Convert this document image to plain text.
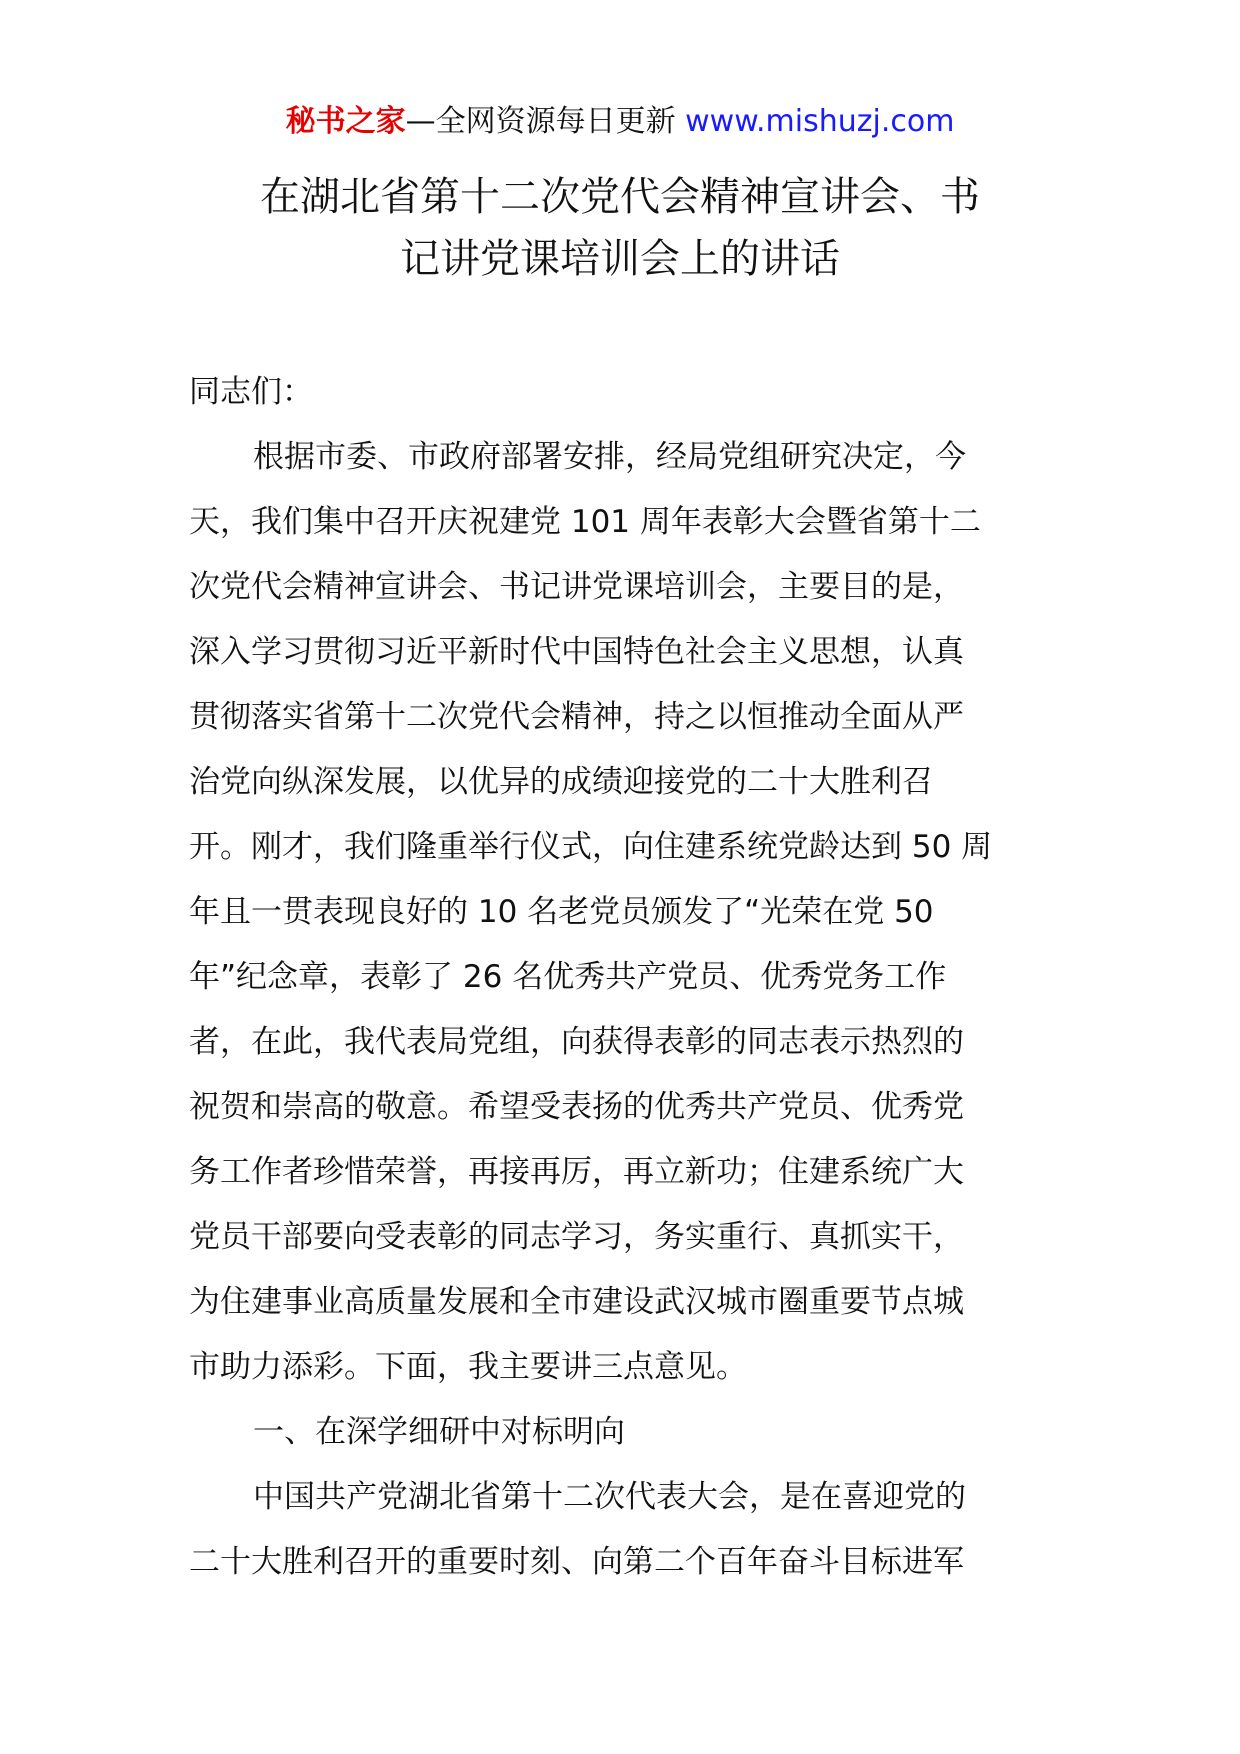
秘书之家—全网资源每日更新 www.mishuzj.com
在湖北省第十二次党代会精神宣讲会、书
记讲党课培训会上的讲话
同志们：
根据市委、市政府部署安排，经局党组研究决定，今
天，我们集中召开庆祝建党 101 周年表彰大会暨省第十二
次党代会精神宣讲会、书记讲党课培训会，主要目的是，
深入学习贯彻习近平新时代中国特色社会主义思想，认真
贯彻落实省第十二次党代会精神，持之以恒推动全面从严
治党向纵深发展，以优异的成绩迎接党的二十大胜利召
开。刚才，我们隆重举行仪式，向住建系统党龄达到 50 周
年且一贯表现良好的 10 名老党员颁发了“光荣在党 50
年”纪念章，表彰了 26 名优秀共产党员、优秀党务工作
者，在此，我代表局党组，向获得表彰的同志表示热烈的
祝贺和崇高的敬意。希望受表扬的优秀共产党员、优秀党
务工作者珍惜荣誉，再接再厉，再立新功；住建系统广大
党员干部要向受表彰的同志学习，务实重行、真抓实干，
为住建事业高质量发展和全市建设武汉城市圈重要节点城
市助力添彩。下面，我主要讲三点意见。
一、在深学细研中对标明向
中国共产党湖北省第十二次代表大会，是在喜迎党的
二十大胜利召开的重要时刻、向第二个百年奋斗目标进军
